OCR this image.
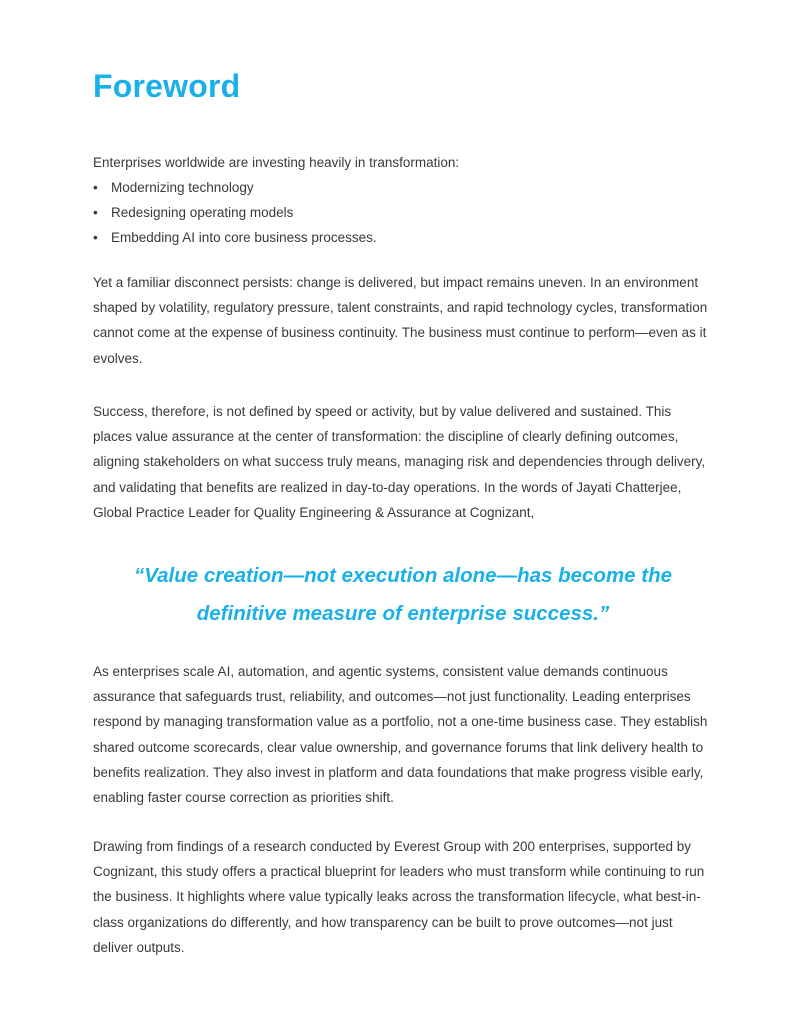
Foreword

Enterprises worldwide are investing heavily in transformation:

• Modernizing technology
• Redesigning operating models
• Embedding AI into core business processes.

Yet a familiar disconnect persists: change is delivered, but impact remains uneven. In an environment shaped by volatility, regulatory pressure, talent constraints, and rapid technology cycles, transformation cannot come at the expense of business continuity. The business must continue to perform—even as it evolves.

Success, therefore, is not defined by speed or activity, but by value delivered and sustained. This places value assurance at the center of transformation: the discipline of clearly defining outcomes, aligning stakeholders on what success truly means, managing risk and dependencies through delivery, and validating that benefits are realized in day-to-day operations. In the words of Jayati Chatterjee, Global Practice Leader for Quality Engineering & Assurance at Cognizant,

“Value creation—not execution alone—has become the
definitive measure of enterprise success.”

As enterprises scale AI, automation, and agentic systems, consistent value demands continuous assurance that safeguards trust, reliability, and outcomes—not just functionality. Leading enterprises respond by managing transformation value as a portfolio, not a one-time business case. They establish shared outcome scorecards, clear value ownership, and governance forums that link delivery health to benefits realization. They also invest in platform and data foundations that make progress visible early, enabling faster course correction as priorities shift.

Drawing from findings of a research conducted by Everest Group with 200 enterprises, supported by Cognizant, this study offers a practical blueprint for leaders who must transform while continuing to run the business. It highlights where value typically leaks across the transformation lifecycle, what best-in-class organizations do differently, and how transparency can be built to prove outcomes—not just deliver outputs.
